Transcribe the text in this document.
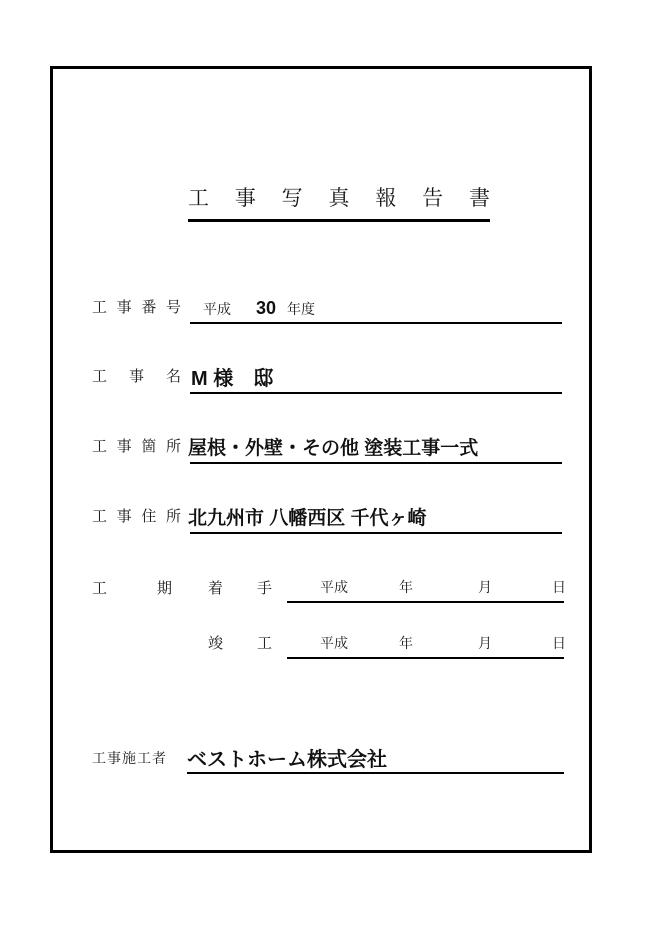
工 事 写 真 報 告 書
工 事 番 号 平成 30 年度
工 事 名 M 様　邸
工 事 箇 所 屋根・外壁・その他 塗装工事一式
工 事 住 所 北九州市 八幡西区 千代ヶ崎
工 期 着 手	平成	年	月	日
竣 工	平成	年	月	日
工事施工者 ベストホーム株式会社
